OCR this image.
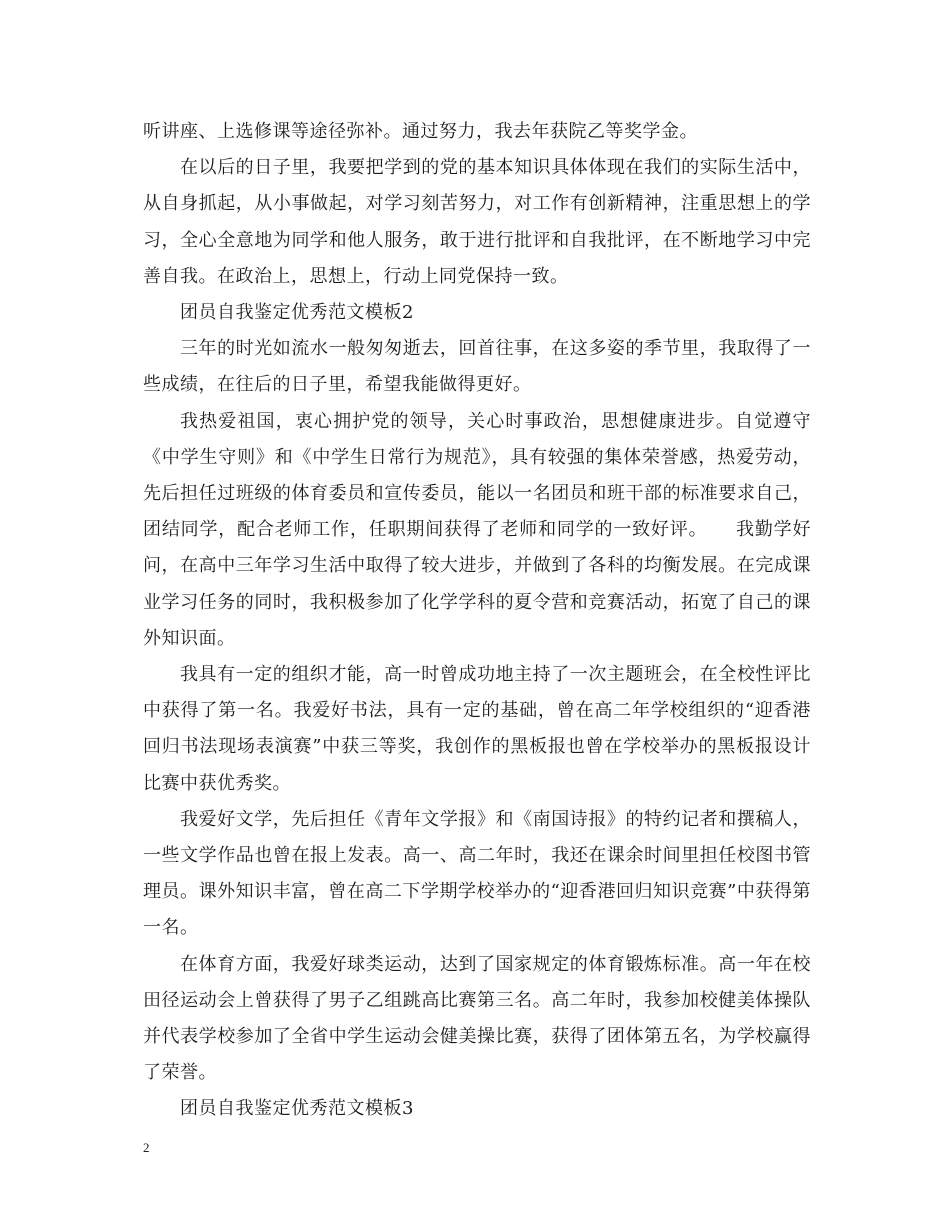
听讲座、上选修课等途径弥补。通过努力，我去年获院乙等奖学金。

在以后的日子里，我要把学到的党的基本知识具体体现在我们的实际生活中，从自身抓起，从小事做起，对学习刻苦努力，对工作有创新精神，注重思想上的学习，全心全意地为同学和他人服务，敢于进行批评和自我批评，在不断地学习中完善自我。在政治上，思想上，行动上同党保持一致。

团员自我鉴定优秀范文模板2

三年的时光如流水一般匆匆逝去，回首往事，在这多姿的季节里，我取得了一些成绩，在往后的日子里，希望我能做得更好。

我热爱祖国，衷心拥护党的领导，关心时事政治，思想健康进步。自觉遵守《中学生守则》和《中学生日常行为规范》，具有较强的集体荣誉感，热爱劳动，先后担任过班级的体育委员和宣传委员，能以一名团员和班干部的标准要求自己，团结同学，配合老师工作，任职期间获得了老师和同学的一致好评。　　我勤学好问，在高中三年学习生活中取得了较大进步，并做到了各科的均衡发展。在完成课业学习任务的同时，我积极参加了化学学科的夏令营和竞赛活动，拓宽了自己的课外知识面。

我具有一定的组织才能，高一时曾成功地主持了一次主题班会，在全校性评比中获得了第一名。我爱好书法，具有一定的基础，曾在高二年学校组织的“迎香港回归书法现场表演赛”中获三等奖，我创作的黑板报也曾在学校举办的黑板报设计比赛中获优秀奖。

我爱好文学，先后担任《青年文学报》和《南国诗报》的特约记者和撰稿人，一些文学作品也曾在报上发表。高一、高二年时，我还在课余时间里担任校图书管理员。课外知识丰富，曾在高二下学期学校举办的“迎香港回归知识竞赛”中获得第一名。

在体育方面，我爱好球类运动，达到了国家规定的体育锻炼标准。高一年在校田径运动会上曾获得了男子乙组跳高比赛第三名。高二年时，我参加校健美体操队并代表学校参加了全省中学生运动会健美操比赛，获得了团体第五名，为学校赢得了荣誉。

团员自我鉴定优秀范文模板3

2
